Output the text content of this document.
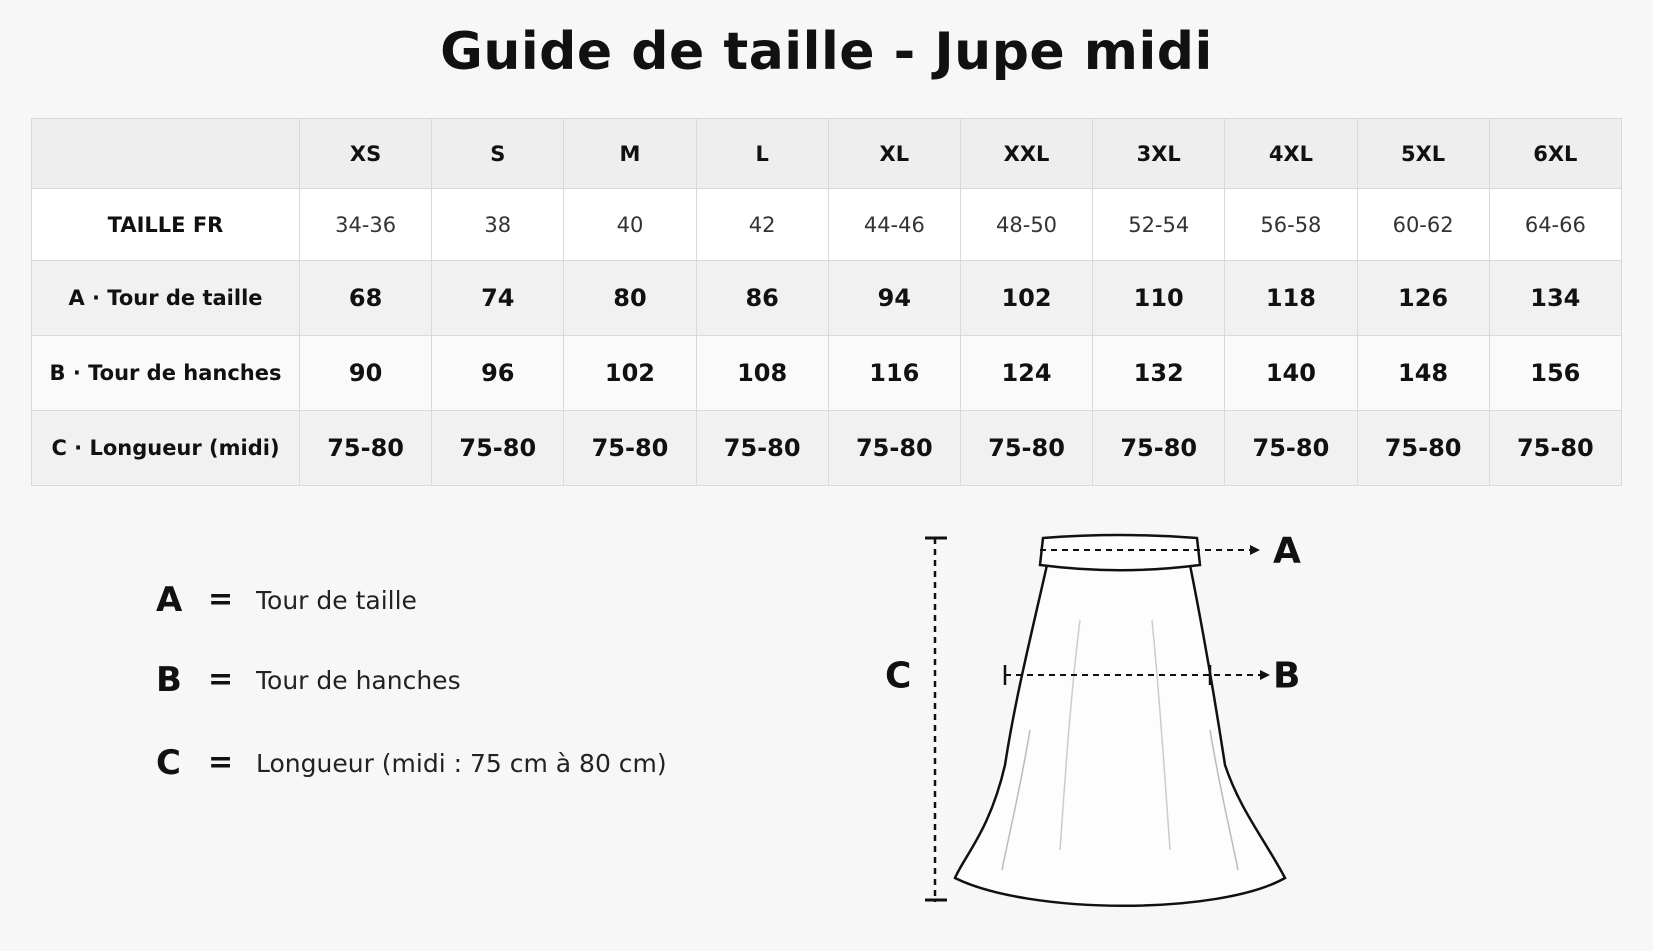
Guide de taille - Jupe midi
	XS	S	M	L	XL	XXL	3XL	4XL	5XL	6XL
TAILLE FR	34-36	38	40	42	44-46	48-50	52-54	56-58	60-62	64-66
A · Tour de taille	68	74	80	86	94	102	110	118	126	134
B · Tour de hanches	90	96	102	108	116	124	132	140	148	156
C · Longueur (midi)	75-80	75-80	75-80	75-80	75-80	75-80	75-80	75-80	75-80	75-80
A = Tour de taille
B = Tour de hanches
C = Longueur (midi : 75 cm à 80 cm)
A
B
C
